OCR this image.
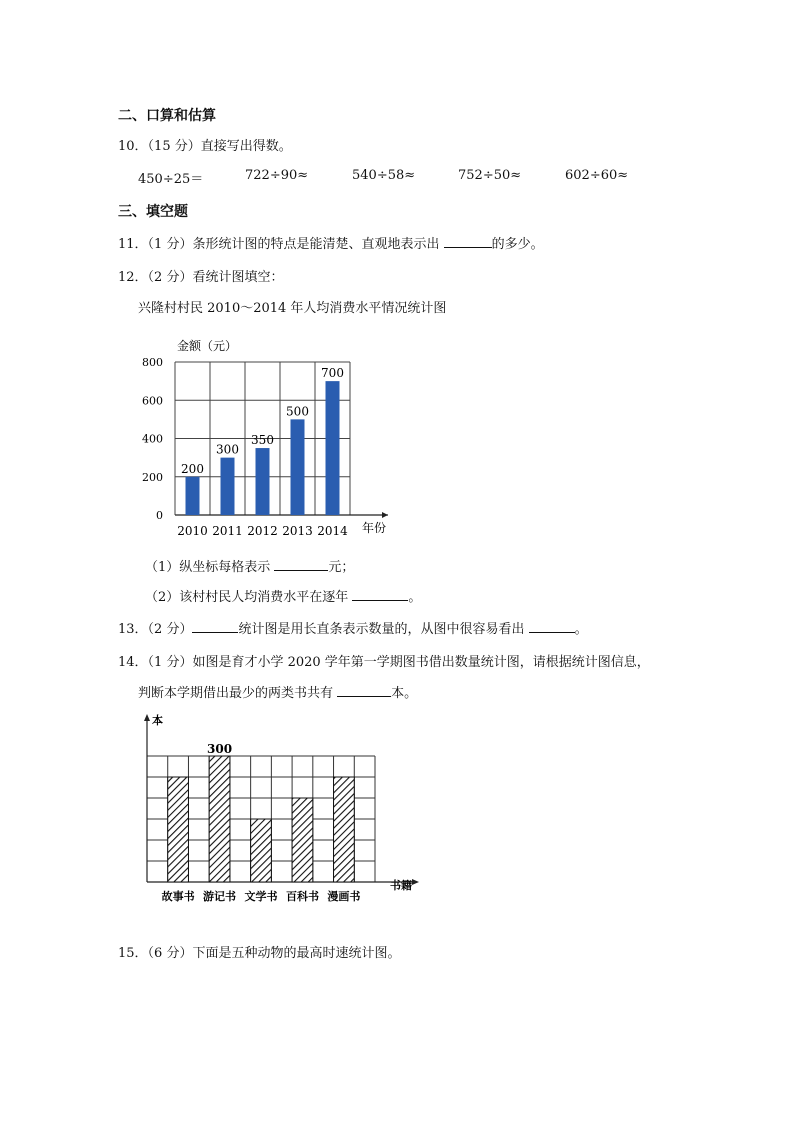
二、口算和估算
10．（15 分）直接写出得数。
450÷25＝	722÷90≈	540÷58≈	752÷50≈	602÷60≈
三、填空题
11．（1 分）条形统计图的特点是能清楚、直观地表示出	的多少。
12．（2 分）看统计图填空：
兴隆村村民 2010～2014 年人均消费水平情况统计图
金额（元）
年份
0
200
400
600
800
200
2010
300
2011
350
2012
500
2013
700
2014
（1）纵坐标每格表示	元；
（2）该村村民人均消费水平在逐年	。
13．（2 分）	统计图是用长直条表示数量的，从图中很容易看出	。
14．（1 分）如图是育才小学 2020 学年第一学期图书借出数量统计图，请根据统计图信息，
判断本学期借出最少的两类书共有	本。
本
书籍
故事书
300
游记书 文学书 百科书 漫画书
15．（6 分）下面是五种动物的最高时速统计图。
